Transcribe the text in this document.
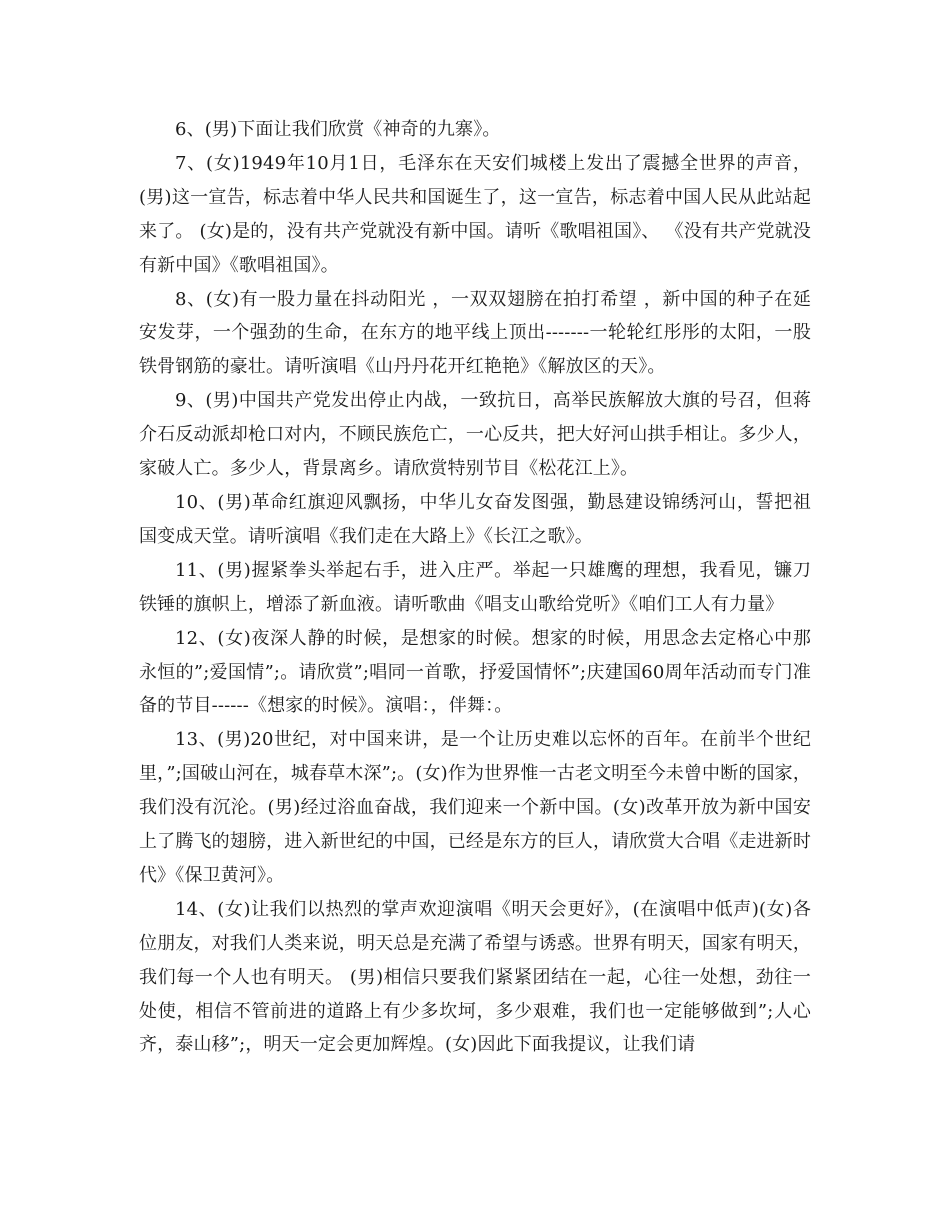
6、(男)下面让我们欣赏《神奇的九寨》。

7、(女)1949年10月1日，毛泽东在天安们城楼上发出了震撼全世界的声音，(男)这一宣告，标志着中华人民共和国诞生了，这一宣告，标志着中国人民从此站起来了。 (女)是的，没有共产党就没有新中国。请听《歌唱祖国》、 《没有共产党就没有新中国》《歌唱祖国》。

8、(女)有一股力量在抖动阳光 ，一双双翅膀在拍打希望 ，新中国的种子在延安发芽，一个强劲的生命，在东方的地平线上顶出-------一轮轮红彤彤的太阳，一股铁骨钢筋的豪壮。请听演唱《山丹丹花开红艳艳》《解放区的天》。

9、(男)中国共产党发出停止内战，一致抗日，高举民族解放大旗的号召，但蒋介石反动派却枪口对内，不顾民族危亡，一心反共，把大好河山拱手相让。多少人，家破人亡。多少人，背景离乡。请欣赏特别节目《松花江上》。

10、(男)革命红旗迎风飘扬，中华儿女奋发图强，勤恳建设锦绣河山，誓把祖国变成天堂。请听演唱《我们走在大路上》《长江之歌》。

11、(男)握紧拳头举起右手，进入庄严。举起一只雄鹰的理想，我看见，镰刀铁锤的旗帜上，增添了新血液。请听歌曲《唱支山歌给党听》《咱们工人有力量》

12、(女)夜深人静的时候，是想家的时候。想家的时候，用思念去定格心中那永恒的”;爱国情”;。请欣赏”;唱同一首歌，抒爱国情怀”;庆建国60周年活动而专门准备的节目------《想家的时候》。演唱：，伴舞：。

13、(男)20世纪，对中国来讲，是一个让历史难以忘怀的百年。在前半个世纪里，”;国破山河在，城春草木深”;。(女)作为世界惟一古老文明至今未曾中断的国家，我们没有沉沦。(男)经过浴血奋战，我们迎来一个新中国。(女)改革开放为新中国安上了腾飞的翅膀，进入新世纪的中国，已经是东方的巨人，请欣赏大合唱《走进新时代》《保卫黄河》。

14、(女)让我们以热烈的掌声欢迎演唱《明天会更好》，(在演唱中低声)(女)各位朋友，对我们人类来说，明天总是充满了希望与诱惑。世界有明天，国家有明天，我们每一个人也有明天。 (男)相信只要我们紧紧团结在一起，心往一处想，劲往一处使，相信不管前进的道路上有少多坎坷，多少艰难，我们也一定能够做到”;人心齐，泰山移”;，明天一定会更加辉煌。(女)因此下面我提议，让我们请
